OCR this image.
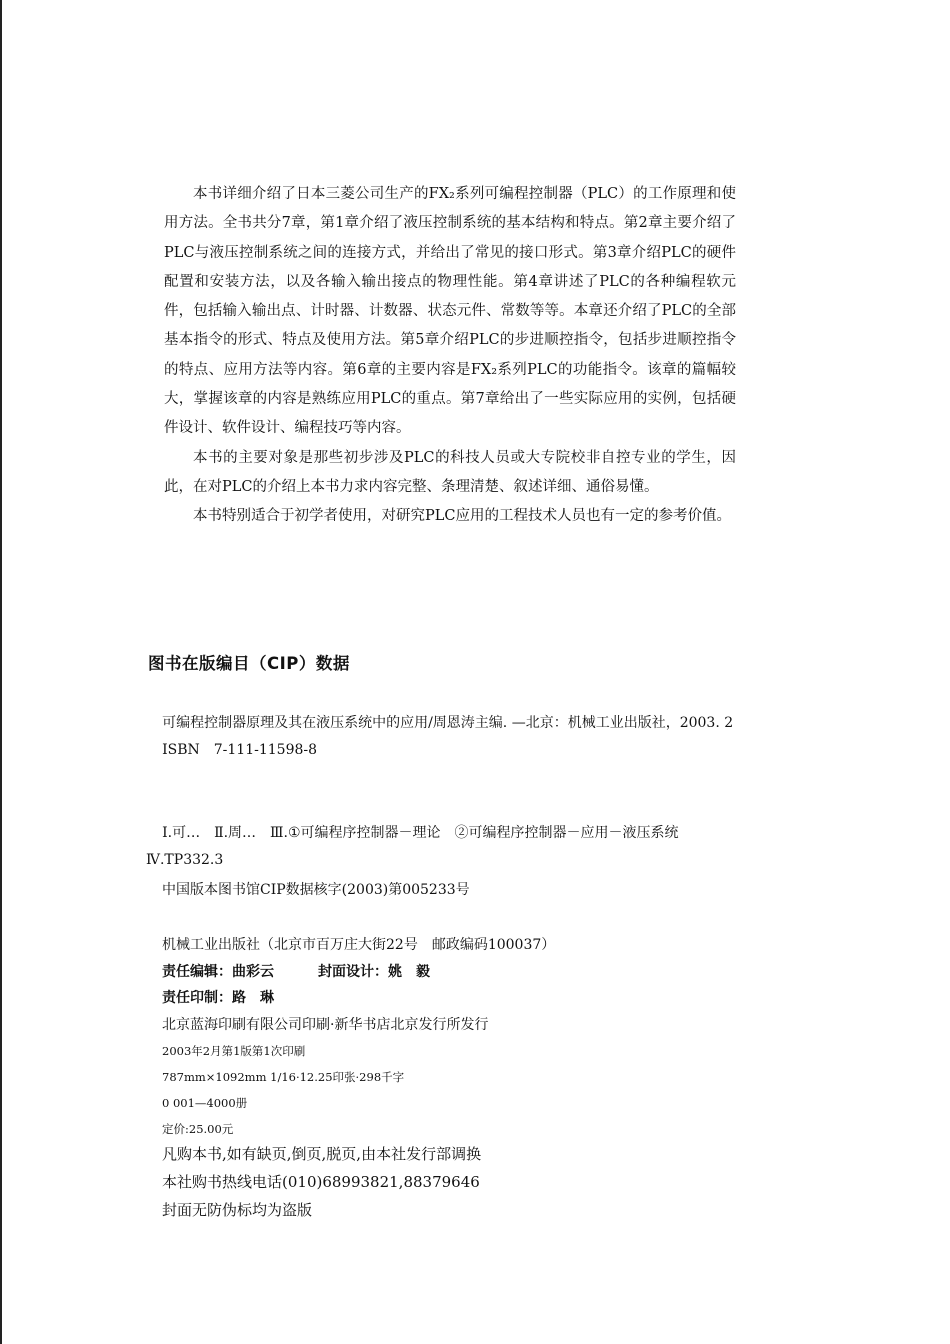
本书详细介绍了日本三菱公司生产的FX₂系列可编程控制器（PLC）的工作原理和使用方法。全书共分7章，第1章介绍了液压控制系统的基本结构和特点。第2章主要介绍了PLC与液压控制系统之间的连接方式，并给出了常见的接口形式。第3章介绍PLC的硬件配置和安装方法，以及各输入输出接点的物理性能。第4章讲述了PLC的各种编程软元件，包括输入输出点、计时器、计数器、状态元件、常数等等。本章还介绍了PLC的全部基本指令的形式、特点及使用方法。第5章介绍PLC的步进顺控指令，包括步进顺控指令的特点、应用方法等内容。第6章的主要内容是FX₂系列PLC的功能指令。该章的篇幅较大，掌握该章的内容是熟练应用PLC的重点。第7章给出了一些实际应用的实例，包括硬件设计、软件设计、编程技巧等内容。

本书的主要对象是那些初步涉及PLC的科技人员或大专院校非自控专业的学生，因此，在对PLC的介绍上本书力求内容完整、条理清楚、叙述详细、通俗易懂。

本书特别适合于初学者使用，对研究PLC应用的工程技术人员也有一定的参考价值。

图书在版编目（CIP）数据

可编程控制器原理及其在液压系统中的应用/周恩涛主编. —北京：机械工业出版社，2003. 2

ISBN　7-111-11598-8

Ⅰ.可…　Ⅱ.周…　Ⅲ.①可编程序控制器－理论　②可编程序控制器－应用－液压系统　Ⅳ.TP332.3

中国版本图书馆CIP数据核字(2003)第005233号

机械工业出版社（北京市百万庄大街22号　邮政编码100037）

责任编辑：曲彩云	封面设计：姚　毅

责任印制：路　琳

北京蓝海印刷有限公司印刷·新华书店北京发行所发行

2003年2月第1版第1次印刷

787mm×1092mm 1/16·12.25印张·298千字

0 001—4000册

定价:25.00元

凡购本书,如有缺页,倒页,脱页,由本社发行部调换

本社购书热线电话(010)68993821,88379646

封面无防伪标均为盗版
